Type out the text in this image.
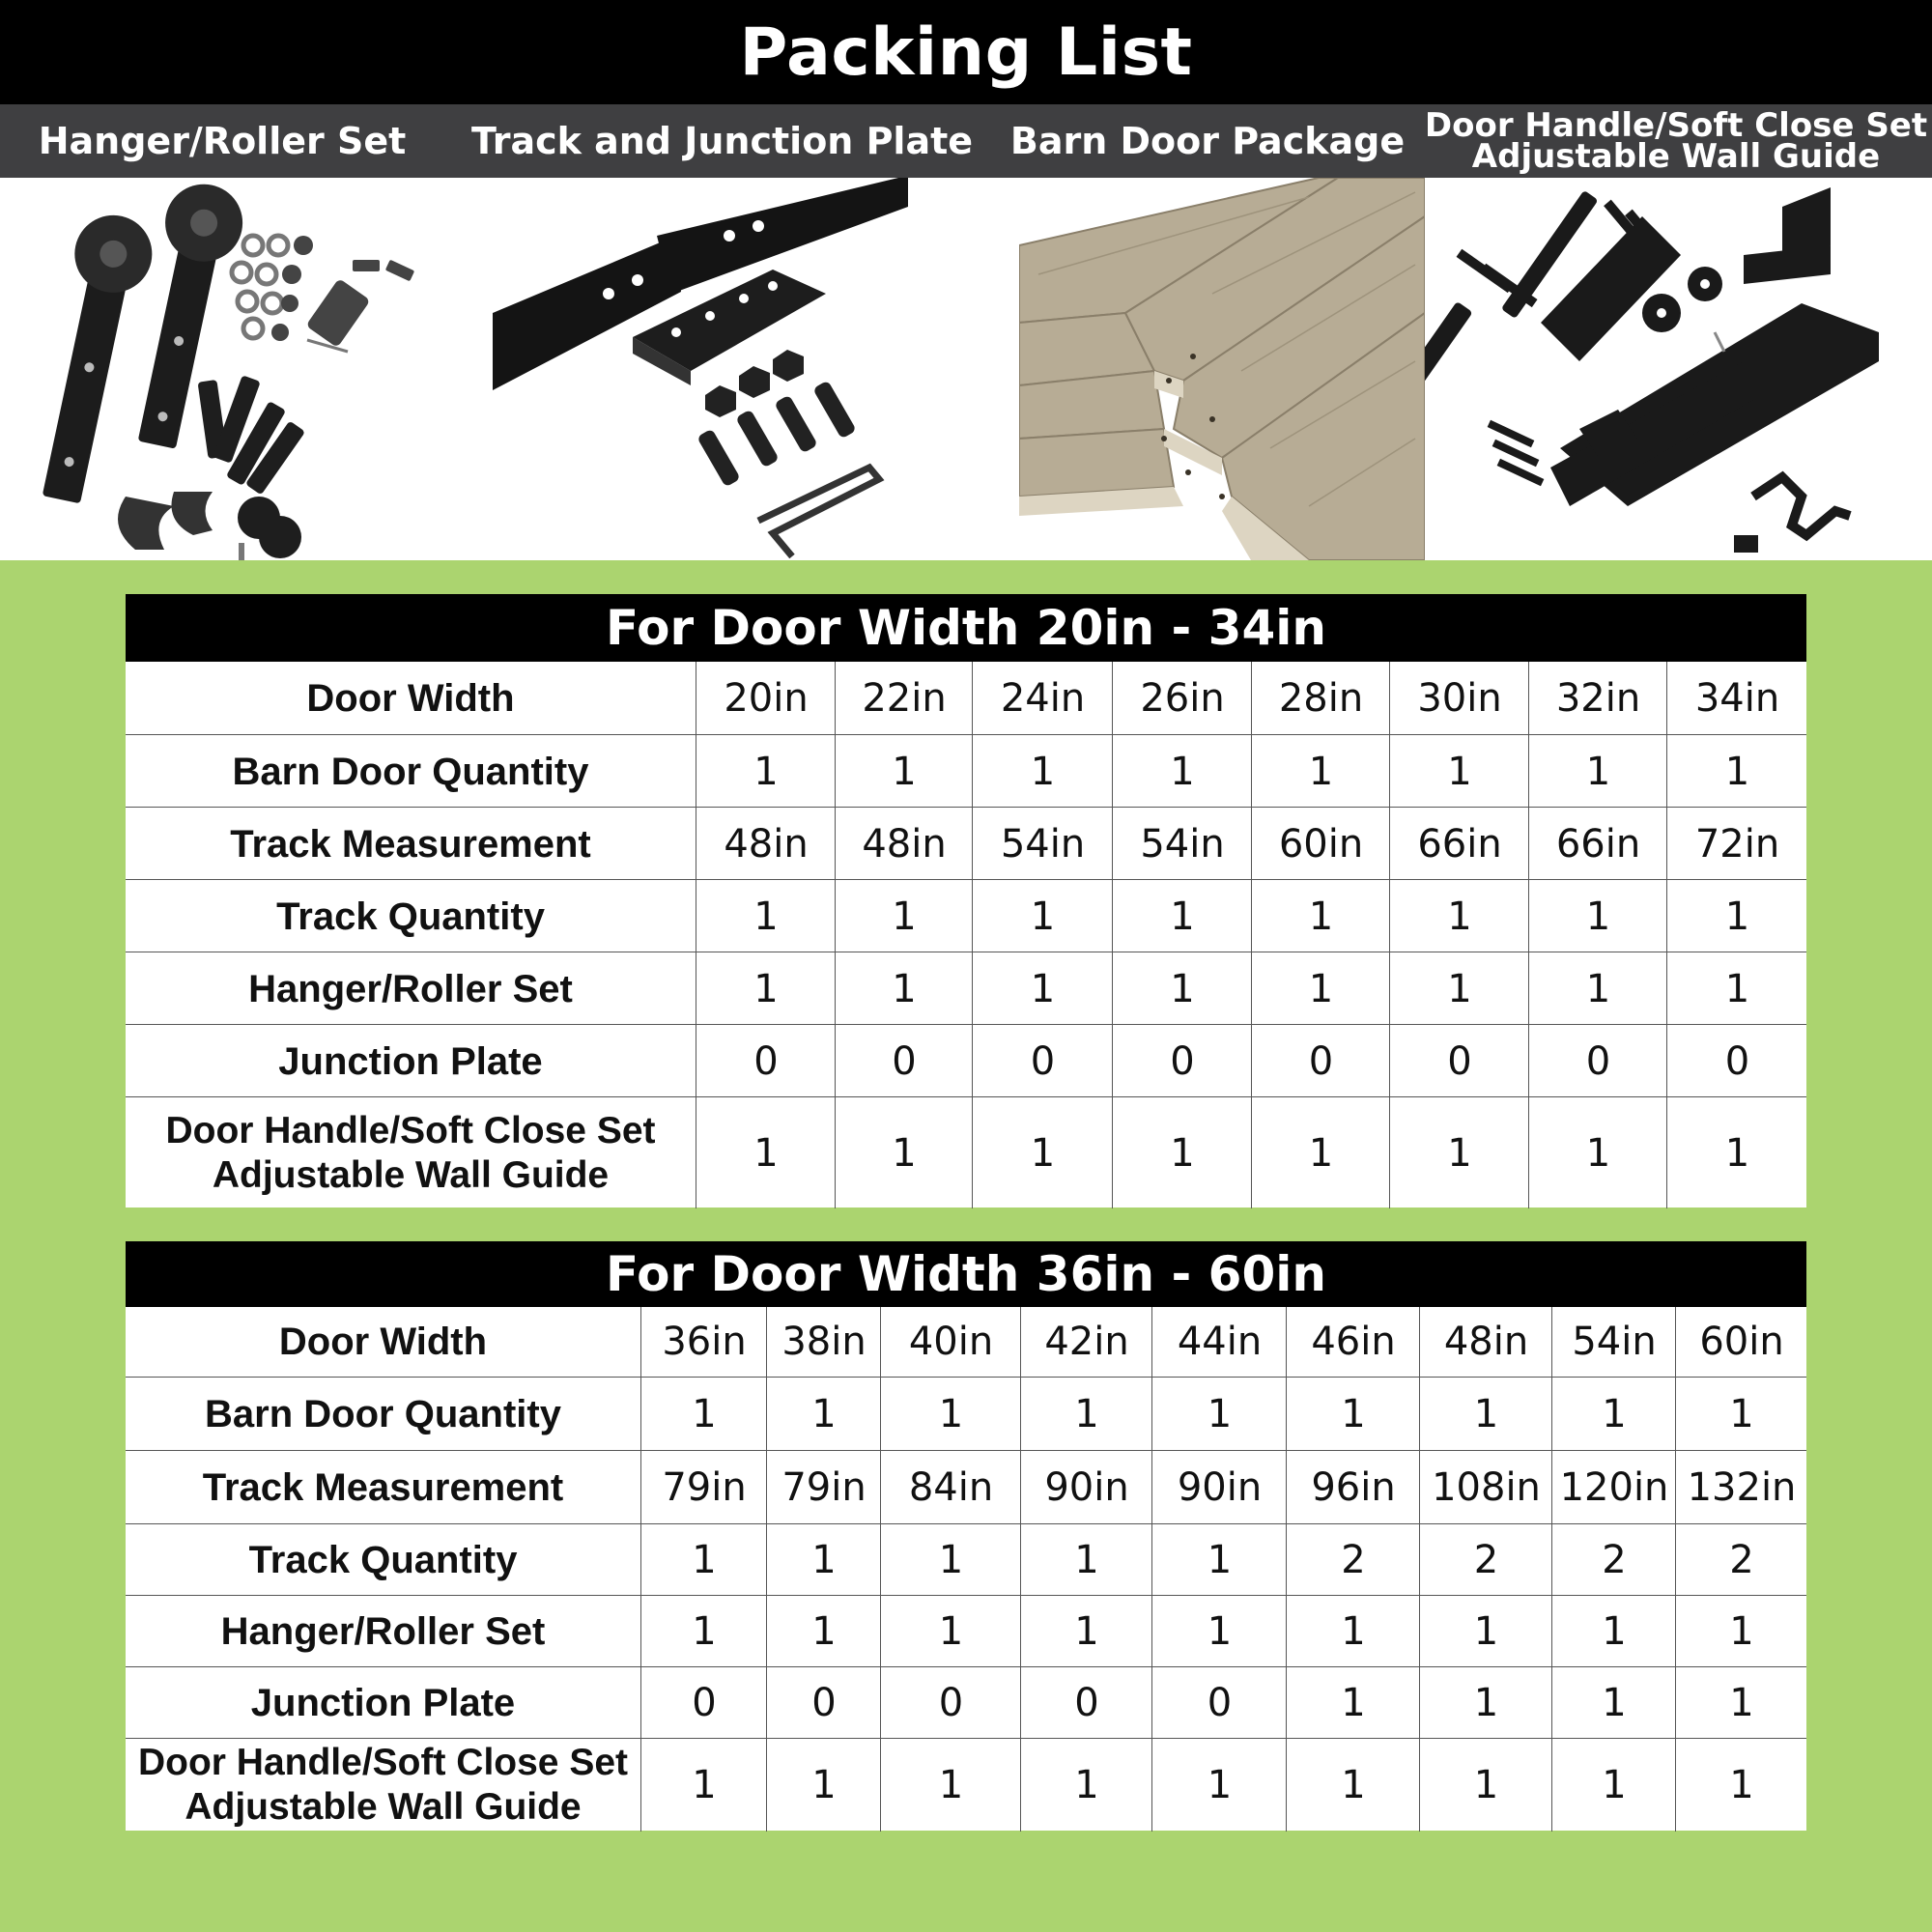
Packing List
Hanger/Roller Set Track and Junction Plate Barn Door Package Door Handle/Soft Close Set
Adjustable Wall Guide
For Door Width 20in - 34in
Door Width	20in	22in	24in	26in	28in	30in	32in	34in
Barn Door Quantity	1	1	1	1	1	1	1	1
Track Measurement	48in	48in	54in	54in	60in	66in	66in	72in
Track Quantity	1	1	1	1	1	1	1	1
Hanger/Roller Set	1	1	1	1	1	1	1	1
Junction Plate	0	0	0	0	0	0	0	0
Door Handle/Soft Close Set
Adjustable Wall Guide	1	1	1	1	1	1	1	1
For Door Width 36in - 60in
Door Width	36in 38in	40in	42in	44in	46in	48in	54in	60in
Barn Door Quantity	1	1	1	1	1	1	1	1	1
Track Measurement	79in 79in	84in	90in	90in	96in 108in 120in 132in
Track Quantity	1	1	1	1	1	2	2	2	2
Hanger/Roller Set	1	1	1	1	1	1	1	1	1
Junction Plate	0	0	0	0	0	1	1	1	1
Door Handle/Soft Close Set
Adjustable Wall Guide	1	1	1	1	1	1	1	1	1
